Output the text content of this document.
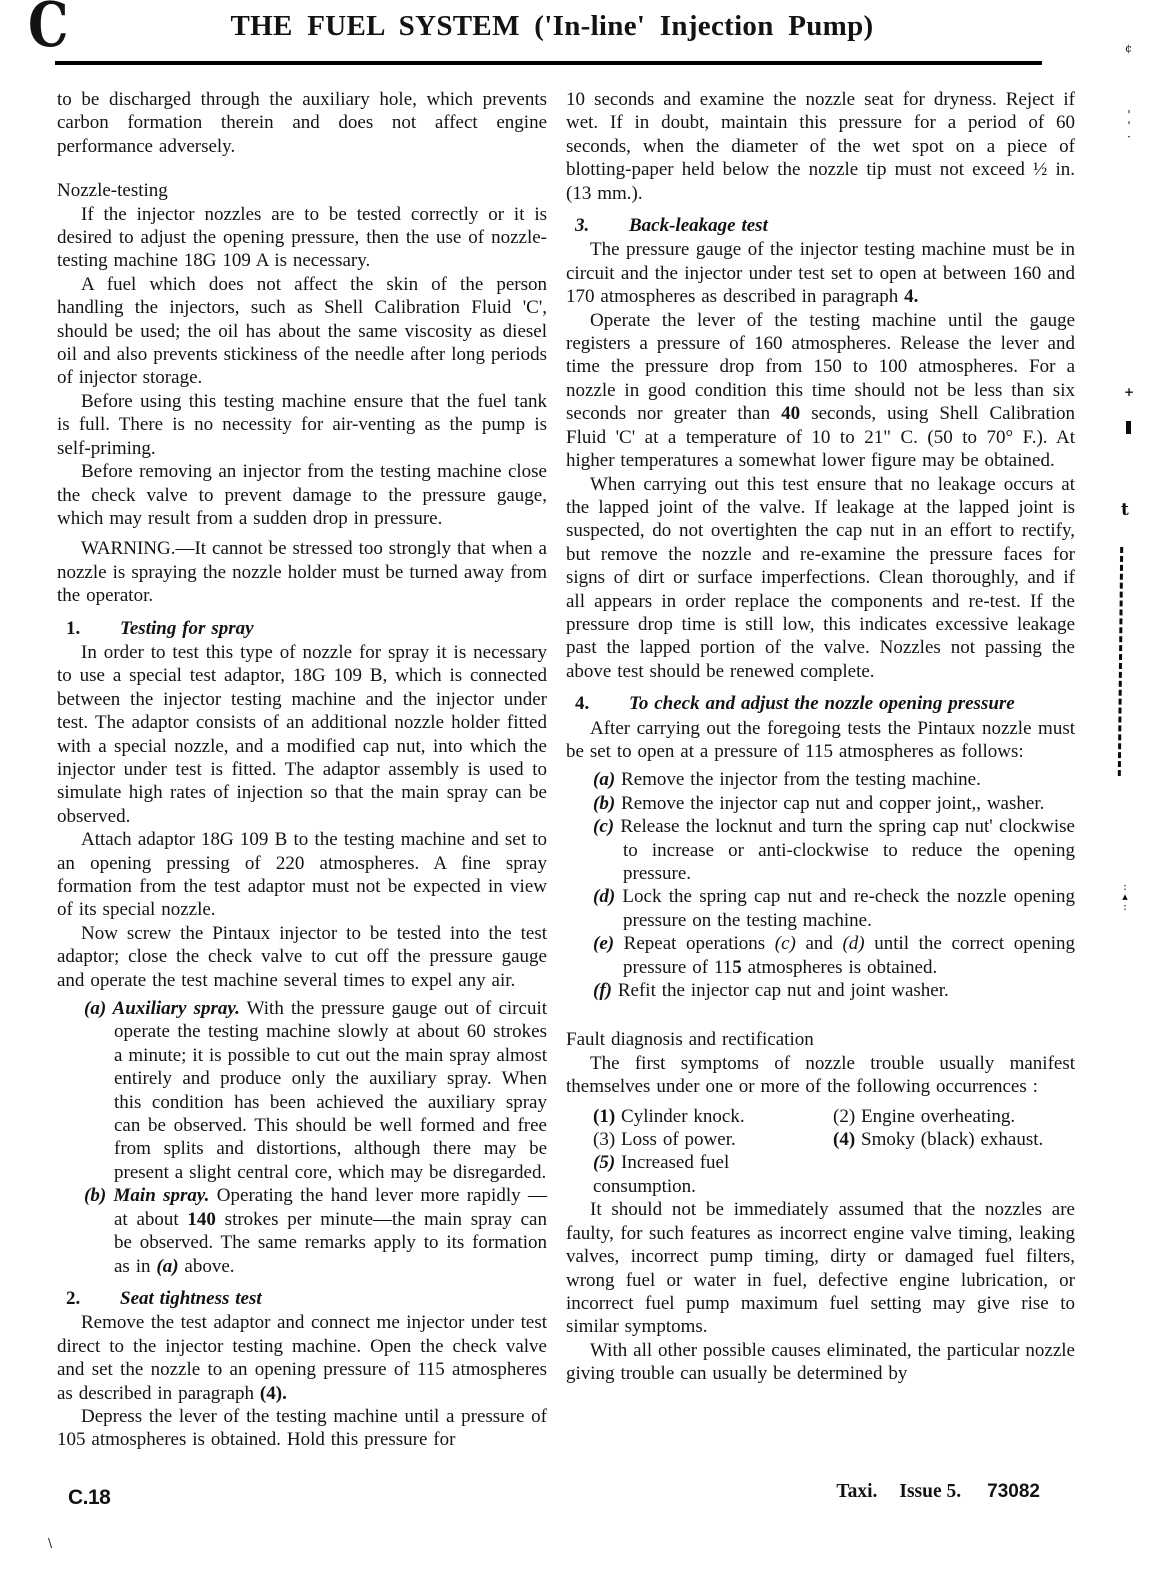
C	THE FUEL SYSTEM ('In-line' Injection Pump)

to be discharged through the auxiliary hole, which prevents carbon formation therein and does not affect engine performance adversely.

Nozzle-testing

If the injector nozzles are to be tested correctly or it is desired to adjust the opening pressure, then the use of nozzle-testing machine 18G 109 A is necessary.

A fuel which does not affect the skin of the person handling the injectors, such as Shell Calibration Fluid 'C', should be used; the oil has about the same viscosity as diesel oil and also prevents stickiness of the needle after long periods of injector storage.

Before using this testing machine ensure that the fuel tank is full. There is no necessity for air-venting as the pump is self-priming.

Before removing an injector from the testing machine close the check valve to prevent damage to the pressure gauge, which may result from a sudden drop in pressure.

WARNING.—It cannot be stressed too strongly that when a nozzle is spraying the nozzle holder must be turned away from the operator.

1. Testing for spray

In order to test this type of nozzle for spray it is necessary to use a special test adaptor, 18G 109 B, which is connected between the injector testing machine and the injector under test. The adaptor consists of an additional nozzle holder fitted with a special nozzle, and a modified cap nut, into which the injector under test is fitted. The adaptor assembly is used to simulate high rates of injection so that the main spray can be observed.

Attach adaptor 18G 109 B to the testing machine and set to an opening pressing of 220 atmospheres. A fine spray formation from the test adaptor must not be expected in view of its special nozzle.

Now screw the Pintaux injector to be tested into the test adaptor; close the check valve to cut off the pressure gauge and operate the test machine several times to expel any air.

(a) Auxiliary spray. With the pressure gauge out of circuit operate the testing machine slowly at about 60 strokes a minute; it is possible to cut out the main spray almost entirely and produce only the auxiliary spray. When this condition has been achieved the auxiliary spray can be observed. This should be well formed and free from splits and distortions, although there may be present a slight central core, which may be disregarded.
(b) Main spray. Operating the hand lever more rapidly —at about 140 strokes per minute—the main spray can be observed. The same remarks apply to its formation as in (a) above.

2. Seat tightness test

Remove the test adaptor and connect me injector under test direct to the injector testing machine. Open the check valve and set the nozzle to an opening pressure of 115 atmospheres as described in paragraph (4).

Depress the lever of the testing machine until a pressure of 105 atmospheres is obtained. Hold this pressure for

10 seconds and examine the nozzle seat for dryness. Reject if wet. If in doubt, maintain this pressure for a period of 60 seconds, when the diameter of the wet spot on a piece of blotting-paper held below the nozzle tip must not exceed ½ in. (13 mm.).

3. Back-leakage test

The pressure gauge of the injector testing machine must be in circuit and the injector under test set to open at between 160 and 170 atmospheres as described in paragraph 4.

Operate the lever of the testing machine until the gauge registers a pressure of 160 atmospheres. Release the lever and time the pressure drop from 150 to 100 atmospheres. For a nozzle in good condition this time should not be less than six seconds nor greater than 40 seconds, using Shell Calibration Fluid 'C' at a temperature of 10 to 21" C. (50 to 70° F.). At higher temperatures a somewhat lower figure may be obtained.

When carrying out this test ensure that no leakage occurs at the lapped joint of the valve. If leakage at the lapped joint is suspected, do not overtighten the cap nut in an effort to rectify, but remove the nozzle and re-examine the pressure faces for signs of dirt or surface imperfections. Clean thoroughly, and if all appears in order replace the components and re-test. If the pressure drop time is still low, this indicates excessive leakage past the lapped portion of the valve. Nozzles not passing the above test should be renewed complete.

4. To check and adjust the nozzle opening pressure

After carrying out the foregoing tests the Pintaux nozzle must be set to open at a pressure of 115 atmospheres as follows:

(a) Remove the injector from the testing machine.
(b) Remove the injector cap nut and copper joint,, washer.
(c) Release the locknut and turn the spring cap nut' clockwise to increase or anti-clockwise to reduce the opening pressure.
(d) Lock the spring cap nut and re-check the nozzle opening pressure on the testing machine.
(e) Repeat operations (c) and (d) until the correct opening pressure of 115 atmospheres is obtained.
(f) Refit the injector cap nut and joint washer.

Fault diagnosis and rectification

The first symptoms of nozzle trouble usually manifest themselves under one or more of the following occurrences :

(1) Cylinder knock.	(2) Engine overheating.
(3) Loss of power.	(4) Smoky (black) exhaust.
(5) Increased fuel consumption.

It should not be immediately assumed that the nozzles are faulty, for such features as incorrect engine valve timing, leaking valves, incorrect pump timing, dirty or damaged fuel filters, wrong fuel or water in fuel, defective engine lubrication, or incorrect fuel pump maximum fuel setting may give rise to similar symptoms.

With all other possible causes eliminated, the particular nozzle giving trouble can usually be determined by

C.18	Taxi. Issue 5. 73082
¢
' ' ·
+
t
: ▴ :
\
